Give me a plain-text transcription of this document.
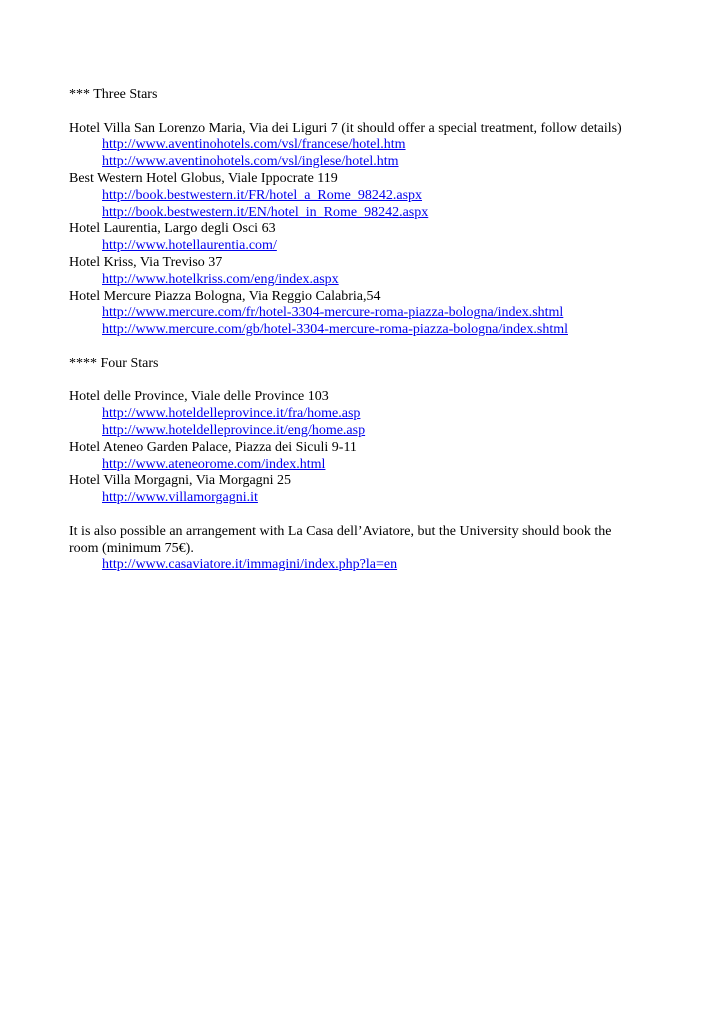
*** Three Stars

Hotel Villa San Lorenzo Maria, Via dei Liguri 7 (it should offer a special treatment, follow details)

http://www.aventinohotels.com/vsl/francese/hotel.htm

http://www.aventinohotels.com/vsl/inglese/hotel.htm

Best Western Hotel Globus, Viale Ippocrate 119

http://book.bestwestern.it/FR/hotel_a_Rome_98242.aspx

http://book.bestwestern.it/EN/hotel_in_Rome_98242.aspx

Hotel Laurentia, Largo degli Osci 63

http://www.hotellaurentia.com/

Hotel Kriss, Via Treviso 37

http://www.hotelkriss.com/eng/index.aspx

Hotel Mercure Piazza Bologna, Via Reggio Calabria,54

http://www.mercure.com/fr/hotel-3304-mercure-roma-piazza-bologna/index.shtml

http://www.mercure.com/gb/hotel-3304-mercure-roma-piazza-bologna/index.shtml

**** Four Stars

Hotel delle Province, Viale delle Province 103

http://www.hoteldelleprovince.it/fra/home.asp

http://www.hoteldelleprovince.it/eng/home.asp

Hotel Ateneo Garden Palace, Piazza dei Siculi 9-11

http://www.ateneorome.com/index.html

Hotel Villa Morgagni, Via Morgagni 25

http://www.villamorgagni.it

It is also possible an arrangement with La Casa dell’Aviatore, but the University should book the

room (minimum 75€).

http://www.casaviatore.it/immagini/index.php?la=en
